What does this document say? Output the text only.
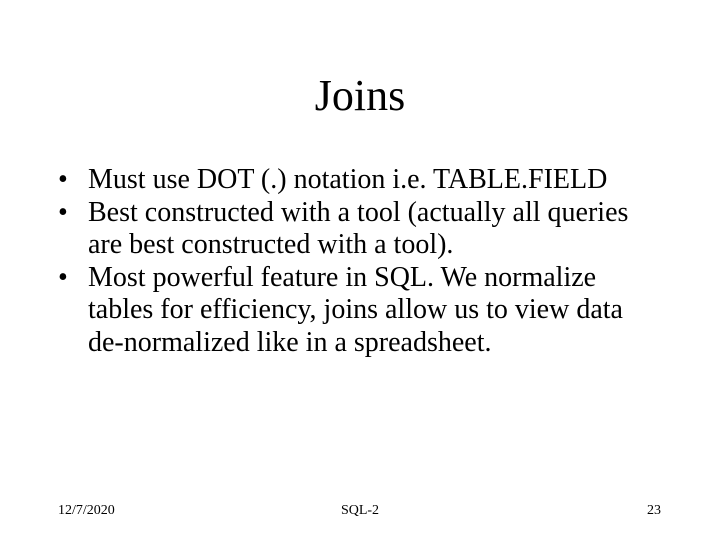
Joins
• Must use DOT (.) notation i.e. TABLE.FIELD
• Best constructed with a tool (actually all queries are best constructed with a tool).
• Most powerful feature in SQL. We normalize tables for efficiency, joins allow us to view data de-normalized like in a spreadsheet.
12/7/2020	SQL-2	23
